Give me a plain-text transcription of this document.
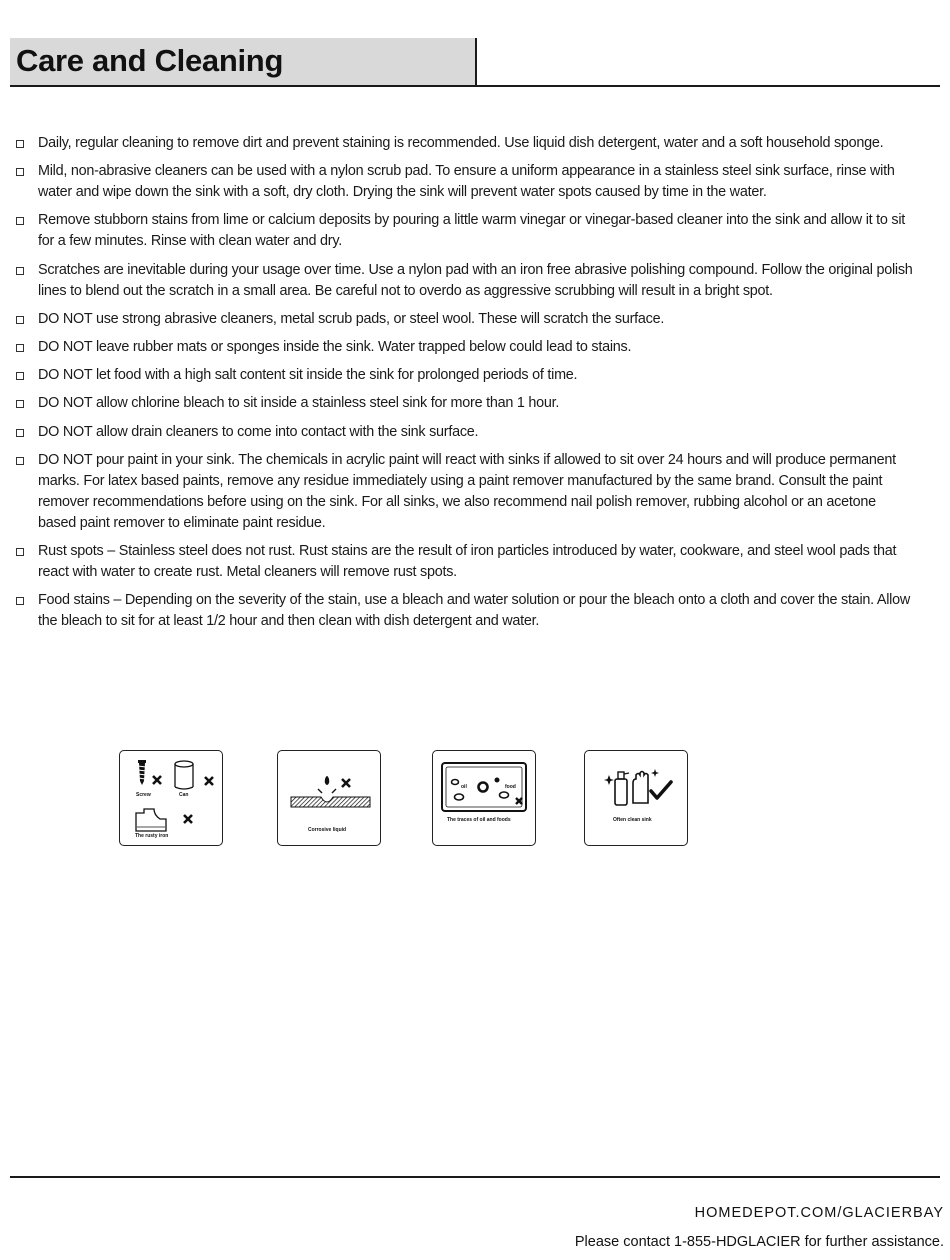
Care and Cleaning
Daily, regular cleaning to remove dirt and prevent staining is recommended. Use liquid dish detergent, water and a soft household sponge.
Mild, non-abrasive cleaners can be used with a nylon scrub pad. To ensure a uniform appearance in a stainless steel sink surface, rinse with water and wipe down the sink with a soft, dry cloth. Drying the sink will prevent water spots caused by time in the water.
Remove stubborn stains from lime or calcium deposits by pouring a little warm vinegar or vinegar-based cleaner into the sink and allow it to sit for a few minutes. Rinse with clean water and dry.
Scratches are inevitable during your usage over time. Use a nylon pad with an iron free abrasive polishing compound. Follow the original polish lines to blend out the scratch in a small area. Be careful not to overdo as aggressive scrubbing will result in a bright spot.
DO NOT use strong abrasive cleaners, metal scrub pads, or steel wool. These will scratch the surface.
DO NOT leave rubber mats or sponges inside the sink. Water trapped below could lead to stains.
DO NOT let food with a high salt content sit inside the sink for prolonged periods of time.
DO NOT allow chlorine bleach to sit inside a stainless steel sink for more than 1 hour.
DO NOT allow drain cleaners to come into contact with the sink surface.
DO NOT pour paint in your sink. The chemicals in acrylic paint will react with sinks if allowed to sit over 24 hours and will produce permanent marks. For latex based paints, remove any residue immediately using a paint remover manufactured by the same brand. Consult the paint remover recommendations before using on the sink. For all sinks, we also recommend nail polish remover, rubbing alcohol or an acetone based paint remover to eliminate paint residue.
Rust spots – Stainless steel does not rust. Rust stains are the result of iron particles introduced by water, cookware, and steel wool pads that react with water to create rust. Metal cleaners will remove rust spots.
Food stains – Depending on the severity of the stain, use a bleach and water solution or pour the bleach onto a cloth and cover the stain. Allow the bleach to sit for at least 1/2 hour and then clean with dish detergent and water.
Screw	Can
The rusty iron
Corrosive liquid
oil	food
The traces of oil and foods	Often clean sink
HOMEDEPOT.COM/GLACIERBAY
Please contact 1-855-HDGLACIER for further assistance.
